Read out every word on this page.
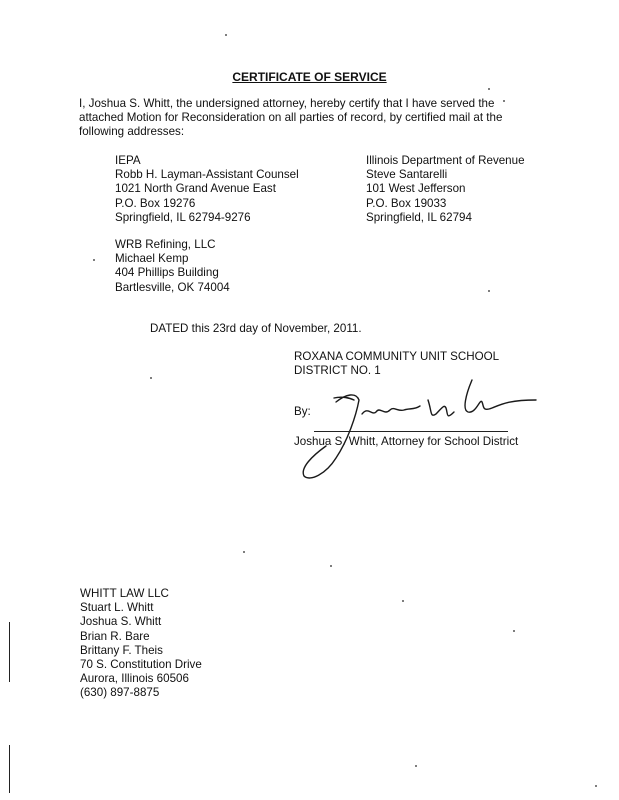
CERTIFICATE OF SERVICE
I, Joshua S. Whitt, the undersigned attorney, hereby certify that I have served the attached Motion for Reconsideration on all parties of record, by certified mail at the following addresses:
IEPA
Robb H. Layman-Assistant Counsel
1021 North Grand Avenue East
P.O. Box 19276
Springfield, IL 62794-9276
Illinois Department of Revenue
Steve Santarelli
101 West Jefferson
P.O. Box 19033
Springfield, IL 62794
WRB Refining, LLC
Michael Kemp
404 Phillips Building
Bartlesville, OK 74004
DATED this 23rd day of November, 2011.
ROXANA COMMUNITY UNIT SCHOOL
DISTRICT NO. 1
By:
Joshua S. Whitt, Attorney for School District
WHITT LAW LLC
Stuart L. Whitt
Joshua S. Whitt
Brian R. Bare
Brittany F. Theis
70 S. Constitution Drive
Aurora, Illinois 60506
(630) 897-8875
